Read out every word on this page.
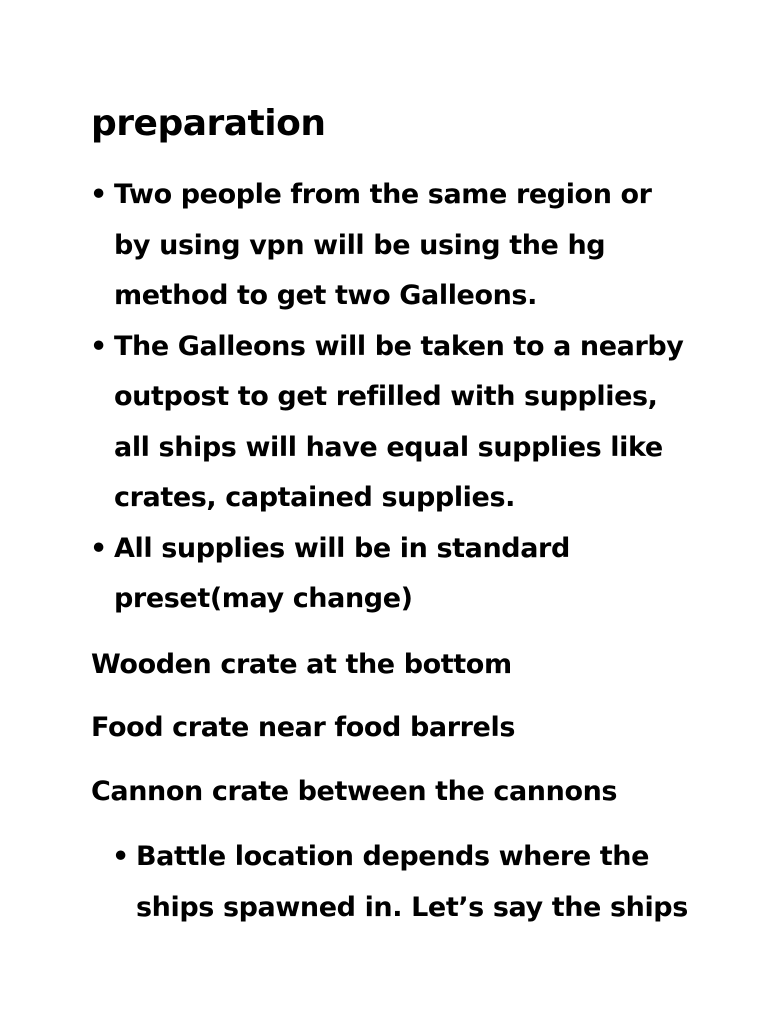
preparation
• Two people from the same region or by using vpn will be using the hg method to get two Galleons.
• The Galleons will be taken to a nearby outpost to get refilled with supplies, all ships will have equal supplies like crates, captained supplies.
• All supplies will be in standard preset(may change)

Wooden crate at the bottom

Food crate near food barrels

Cannon crate between the cannons

• Battle location depends where the ships spawned in. Let’s say the ships
